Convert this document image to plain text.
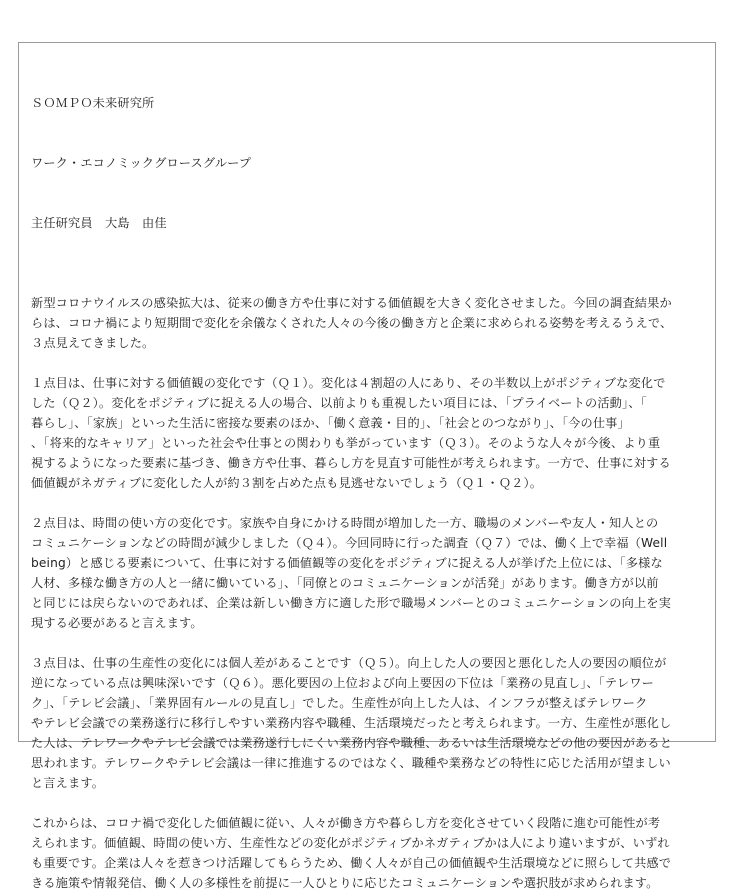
ＳＯＭＰＯ未来研究所

ワーク・エコノミックグロースグループ

主任研究員　大島　由佳

新型コロナウイルスの感染拡大は、従来の働き方や仕事に対する価値観を大きく変化させました。今回の調査結果か
らは、コロナ禍により短期間で変化を余儀なくされた人々の今後の働き方と企業に求められる姿勢を考えるうえで、
３点見えてきました。

１点目は、仕事に対する価値観の変化です（Ｑ１）。変化は４割超の人にあり、その半数以上がポジティブな変化で
した（Ｑ２）。変化をポジティブに捉える人の場合、以前よりも重視したい項目には、「プライベートの活動」、「
暮らし」、「家族」といった生活に密接な要素のほか、「働く意義・目的」、「社会とのつながり」、「今の仕事」
、「将来的なキャリア」といった社会や仕事との関わりも挙がっています（Ｑ３）。そのような人々が今後、より重
視するようになった要素に基づき、働き方や仕事、暮らし方を見直す可能性が考えられます。一方で、仕事に対する
価値観がネガティブに変化した人が約３割を占めた点も見逃せないでしょう（Ｑ１・Ｑ２）。

２点目は、時間の使い方の変化です。家族や自身にかける時間が増加した一方、職場のメンバーや友人・知人との
コミュニケーションなどの時間が減少しました（Ｑ４）。今回同時に行った調査（Ｑ７）では、働く上で幸福（Well
being）と感じる要素について、仕事に対する価値観等の変化をポジティブに捉える人が挙げた上位には、「多様な
人材、多様な働き方の人と一緒に働いている」、「同僚とのコミュニケーションが活発」があります。働き方が以前
と同じには戻らないのであれば、企業は新しい働き方に適した形で職場メンバーとのコミュニケーションの向上を実
現する必要があると言えます。

３点目は、仕事の生産性の変化には個人差があることです（Ｑ５）。向上した人の要因と悪化した人の要因の順位が
逆になっている点は興味深いです（Ｑ６）。悪化要因の上位および向上要因の下位は「業務の見直し」、「テレワー
ク」、「テレビ会議」、「業界固有ルールの見直し」でした。生産性が向上した人は、インフラが整えばテレワーク
やテレビ会議での業務遂行に移行しやすい業務内容や職種、生活環境だったと考えられます。一方、生産性が悪化し
た人は、テレワークやテレビ会議では業務遂行しにくい業務内容や職種、あるいは生活環境などの他の要因があると
思われます。テレワークやテレビ会議は一律に推進するのではなく、職種や業務などの特性に応じた活用が望ましい
と言えます。

これからは、コロナ禍で変化した価値観に従い、人々が働き方や暮らし方を変化させていく段階に進む可能性が考
えられます。価値観、時間の使い方、生産性などの変化がポジティブかネガティブかは人により違いますが、いずれ
も重要です。企業は人々を惹きつけ活躍してもらうため、働く人々が自己の価値観や生活環境などに照らして共感で
きる施策や情報発信、働く人の多様性を前提に一人ひとりに応じたコミュニケーションや選択肢が求められます。
